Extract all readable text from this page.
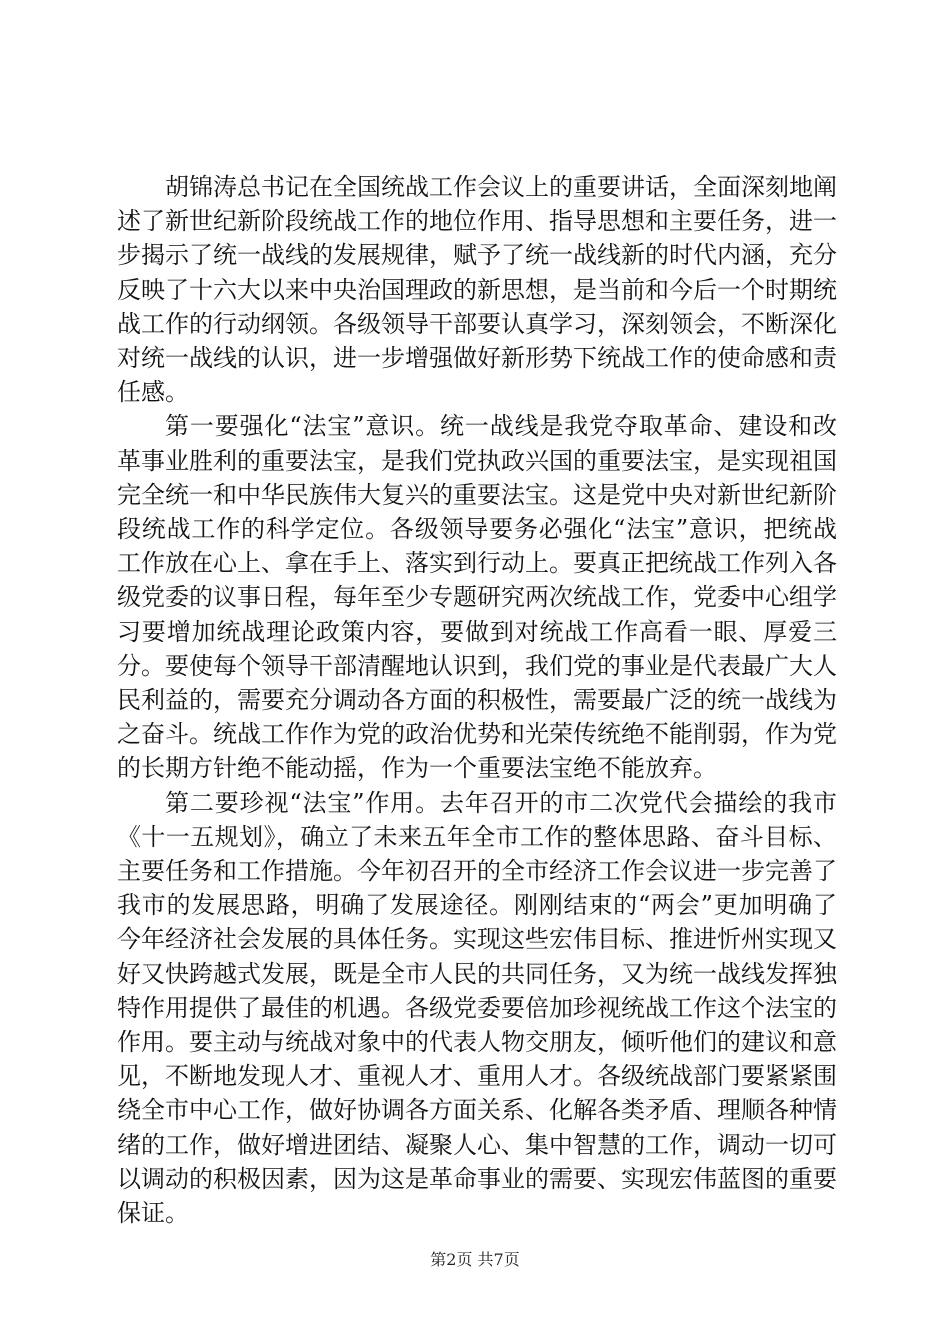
胡锦涛总书记在全国统战工作会议上的重要讲话，全面深刻地阐述了新世纪新阶段统战工作的地位作用、指导思想和主要任务，进一步揭示了统一战线的发展规律，赋予了统一战线新的时代内涵，充分反映了十六大以来中央治国理政的新思想，是当前和今后一个时期统战工作的行动纲领。各级领导干部要认真学习，深刻领会，不断深化对统一战线的认识，进一步增强做好新形势下统战工作的使命感和责任感。

第一要强化“法宝”意识。统一战线是我党夺取革命、建设和改革事业胜利的重要法宝，是我们党执政兴国的重要法宝，是实现祖国完全统一和中华民族伟大复兴的重要法宝。这是党中央对新世纪新阶段统战工作的科学定位。各级领导要务必强化“法宝”意识，把统战工作放在心上、拿在手上、落实到行动上。要真正把统战工作列入各级党委的议事日程，每年至少专题研究两次统战工作，党委中心组学习要增加统战理论政策内容，要做到对统战工作高看一眼、厚爱三分。要使每个领导干部清醒地认识到，我们党的事业是代表最广大人民利益的，需要充分调动各方面的积极性，需要最广泛的统一战线为之奋斗。统战工作作为党的政治优势和光荣传统绝不能削弱，作为党的长期方针绝不能动摇，作为一个重要法宝绝不能放弃。

第二要珍视“法宝”作用。去年召开的市二次党代会描绘的我市《十一五规划》，确立了未来五年全市工作的整体思路、奋斗目标、主要任务和工作措施。今年初召开的全市经济工作会议进一步完善了我市的发展思路，明确了发展途径。刚刚结束的“两会”更加明确了今年经济社会发展的具体任务。实现这些宏伟目标、推进忻州实现又好又快跨越式发展，既是全市人民的共同任务，又为统一战线发挥独特作用提供了最佳的机遇。各级党委要倍加珍视统战工作这个法宝的作用。要主动与统战对象中的代表人物交朋友，倾听他们的建议和意见，不断地发现人才、重视人才、重用人才。各级统战部门要紧紧围绕全市中心工作，做好协调各方面关系、化解各类矛盾、理顺各种情绪的工作，做好增进团结、凝聚人心、集中智慧的工作，调动一切可以调动的积极因素，因为这是革命事业的需要、实现宏伟蓝图的重要保证。

第2页 共7页
